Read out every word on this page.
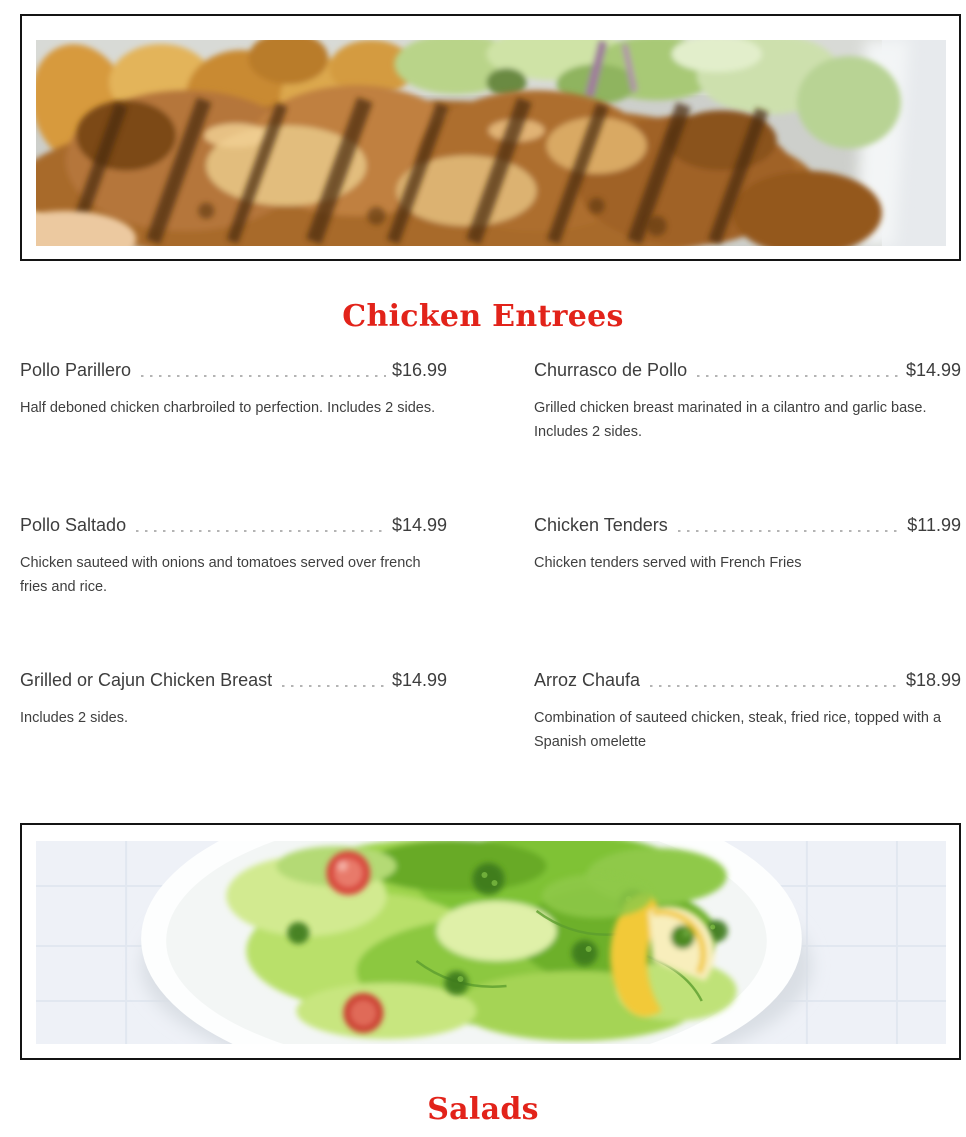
Chicken Entrees
Pollo Parillero	$16.99

Half deboned chicken charbroiled to perfection. Includes 2 sides.

Churrasco de Pollo	$14.99

Grilled chicken breast marinated in a cilantro and garlic base. Includes 2 sides.

Pollo Saltado	$14.99

Chicken sauteed with onions and tomatoes served over french fries and rice.

Chicken Tenders	$11.99

Chicken tenders served with French Fries

Grilled or Cajun Chicken Breast	$14.99

Includes 2 sides.

Arroz Chaufa	$18.99

Combination of sauteed chicken, steak, fried rice, topped with a Spanish omelette

Salads
